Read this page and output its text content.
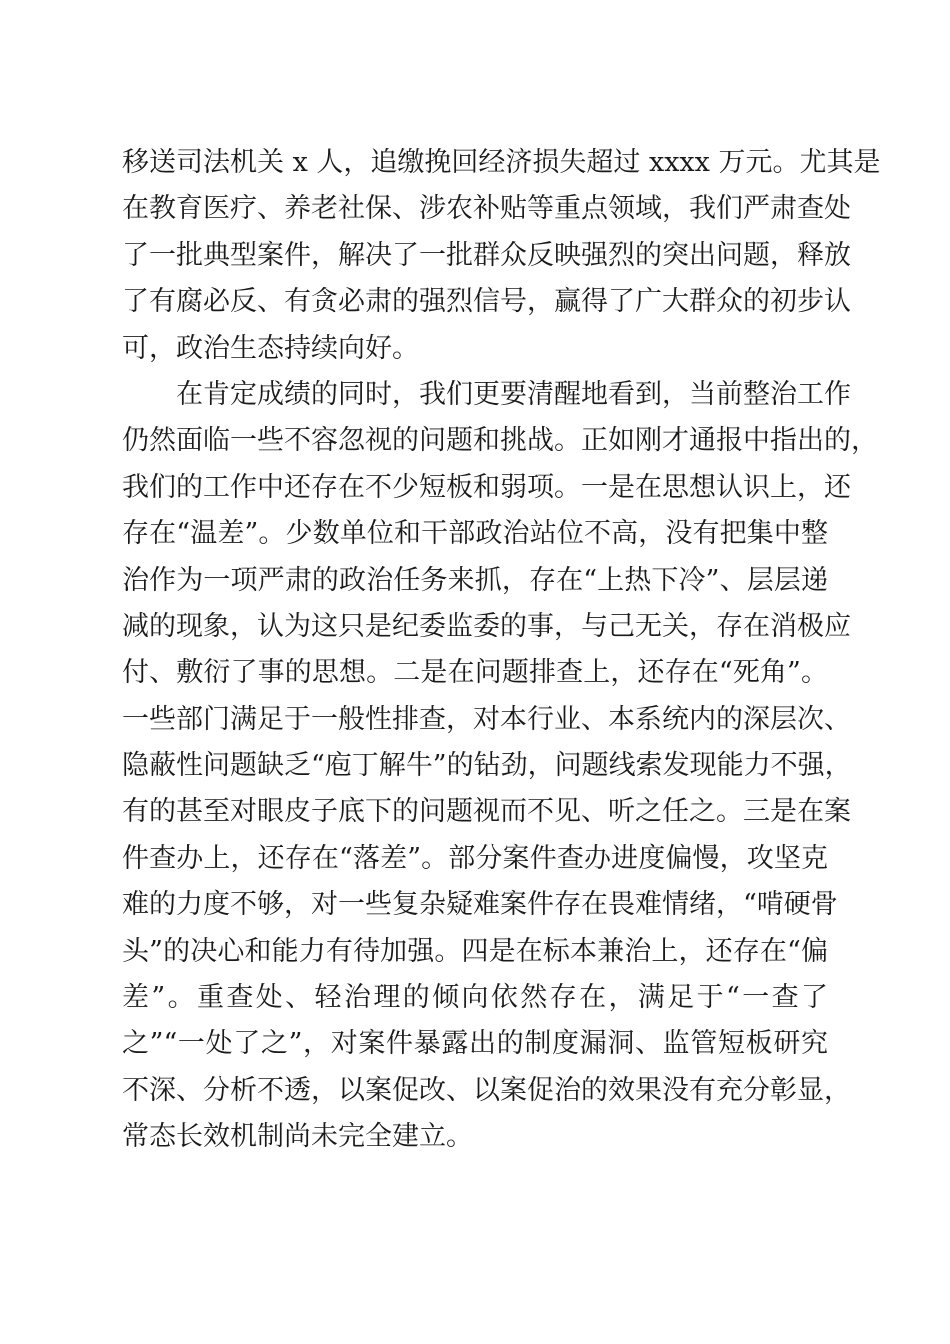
移送司法机关 x 人，追缴挽回经济损失超过 xxxx 万元。尤其是
在教育医疗、养老社保、涉农补贴等重点领域，我们严肃查处
了一批典型案件，解决了一批群众反映强烈的突出问题，释放
了有腐必反、有贪必肃的强烈信号，赢得了广大群众的初步认
可，政治生态持续向好。
在肯定成绩的同时，我们更要清醒地看到，当前整治工作
仍然面临一些不容忽视的问题和挑战。正如刚才通报中指出的，
我们的工作中还存在不少短板和弱项。一是在思想认识上，还
存在“温差”。少数单位和干部政治站位不高，没有把集中整
治作为一项严肃的政治任务来抓，存在“上热下冷”、层层递
减的现象，认为这只是纪委监委的事，与己无关，存在消极应
付、敷衍了事的思想。二是在问题排查上，还存在“死角”。
一些部门满足于一般性排查，对本行业、本系统内的深层次、
隐蔽性问题缺乏“庖丁解牛”的钻劲，问题线索发现能力不强，
有的甚至对眼皮子底下的问题视而不见、听之任之。三是在案
件查办上，还存在“落差”。部分案件查办进度偏慢，攻坚克
难的力度不够，对一些复杂疑难案件存在畏难情绪，“啃硬骨
头”的决心和能力有待加强。四是在标本兼治上，还存在“偏
差”。重查处、轻治理的倾向依然存在，满足于“一查了
之”“一处了之”，对案件暴露出的制度漏洞、监管短板研究
不深、分析不透，以案促改、以案促治的效果没有充分彰显，
常态长效机制尚未完全建立。
